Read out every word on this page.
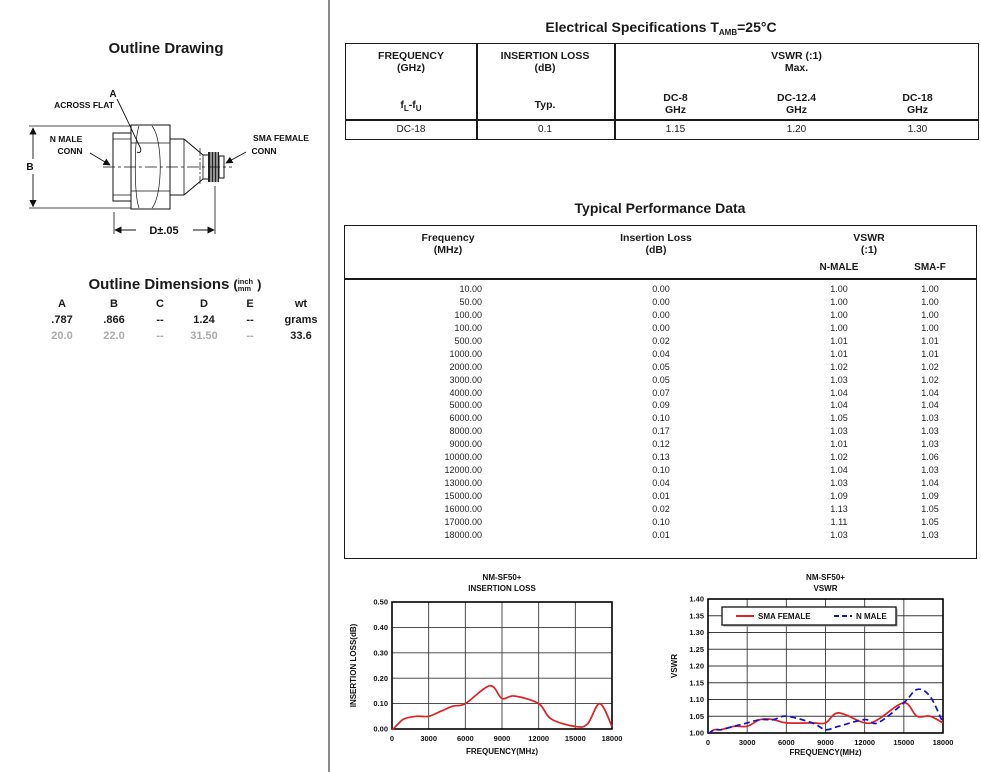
Outline Drawing
A
ACROSS FLAT
N MALE
CONN
SMA FEMALE
CONN
B
D±.05
Outline Dimensions ( inch
mm )
A	B	C	D	E	wt
.787	.866	--	1.24	--	grams
20.0	22.0	--	31.50	--	33.6
Electrical Specifications $T_{AMB}=25^\circ C$
FREQUENCY
(GHz)
INSERTION LOSS
(dB)
VSWR (:1)
Max.
$f_L-f_U$	Typ.
DC-8
GHz
DC-12.4
GHz
DC-18
GHz
DC-18	0.1	1.15	1.20	1.30
Typical Performance Data
Frequency
(MHz)
Insertion Loss
(dB)
VSWR
(:1)
N-MALE	SMA-F
10.00	0.00	1.00	1.00
50.00	0.00	1.00	1.00
100.00	0.00	1.00	1.00
100.00	0.00	1.00	1.00
500.00	0.02	1.01	1.01
1000.00	0.04	1.01	1.01
2000.00	0.05	1.02	1.02
3000.00	0.05	1.03	1.02
4000.00	0.07	1.04	1.04
5000.00	0.09	1.04	1.04
6000.00	0.10	1.05	1.03
8000.00	0.17	1.03	1.03
9000.00	0.12	1.01	1.03
10000.00	0.13	1.02	1.06
12000.00	0.10	1.04	1.03
13000.00	0.04	1.03	1.04
15000.00	0.01	1.09	1.09
16000.00	0.02	1.13	1.05
17000.00	0.10	1.11	1.05
18000.00	0.01	1.03	1.03
0	3000	6000	9000 12000 15000 18000
0.00
0.10
0.20
0.30
0.40
0.50
NM-SF50+
INSERTION LOSS
INSERTION LOSS(dB)
FREQUENCY(MHz)
0	3000	6000	9000	12000 15000 18000
1.00
1.05
1.10
1.15
1.20
1.25
1.30
1.35
1.40
NM-SF50+
VSWR
VSWR
FREQUENCY(MHz)
SMA FEMALE	N MALE
